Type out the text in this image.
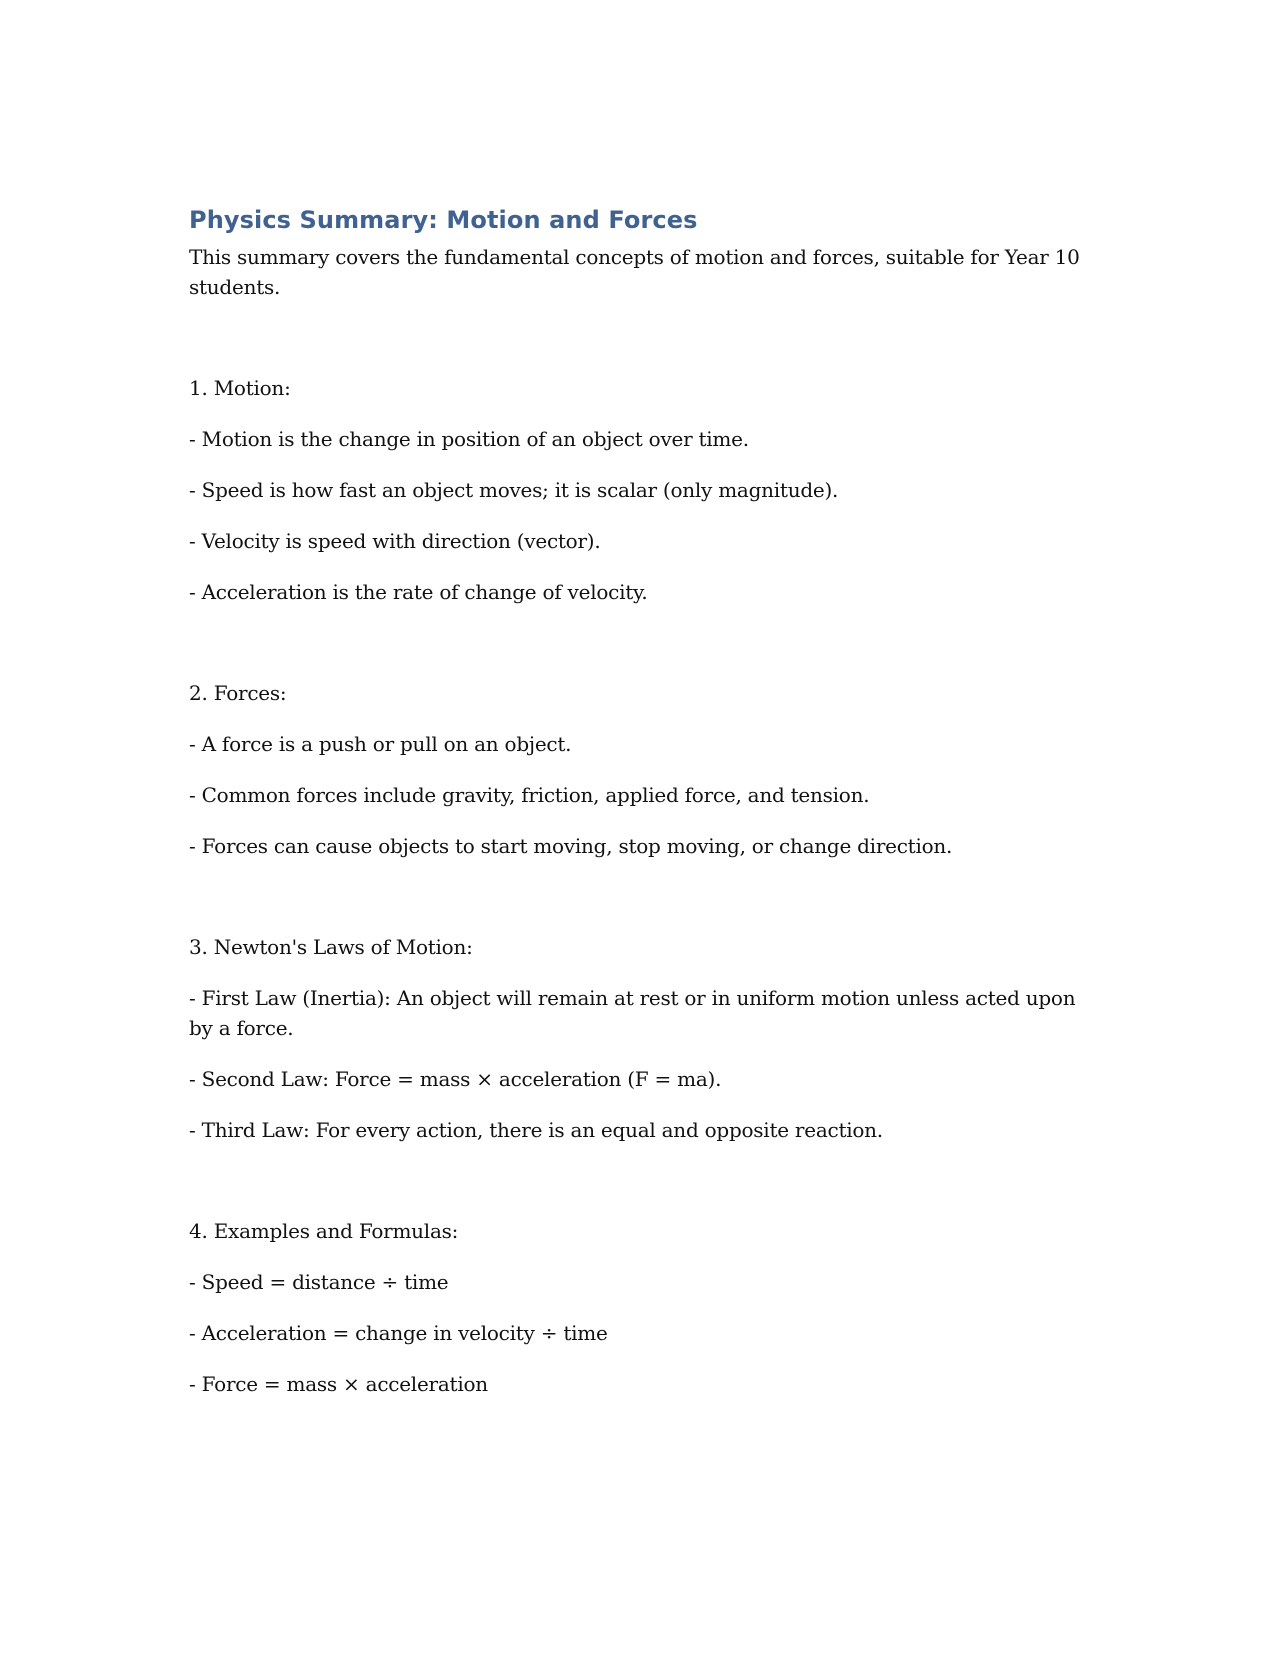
Physics Summary: Motion and Forces

This summary covers the fundamental concepts of motion and forces, suitable for Year 10 students.

1. Motion:

- Motion is the change in position of an object over time.

- Speed is how fast an object moves; it is scalar (only magnitude).

- Velocity is speed with direction (vector).

- Acceleration is the rate of change of velocity.

2. Forces:

- A force is a push or pull on an object.

- Common forces include gravity, friction, applied force, and tension.

- Forces can cause objects to start moving, stop moving, or change direction.

3. Newton's Laws of Motion:

- First Law (Inertia): An object will remain at rest or in uniform motion unless acted upon by a force.

- Second Law: Force = mass × acceleration (F = ma).

- Third Law: For every action, there is an equal and opposite reaction.

4. Examples and Formulas:

- Speed = distance ÷ time

- Acceleration = change in velocity ÷ time

- Force = mass × acceleration
